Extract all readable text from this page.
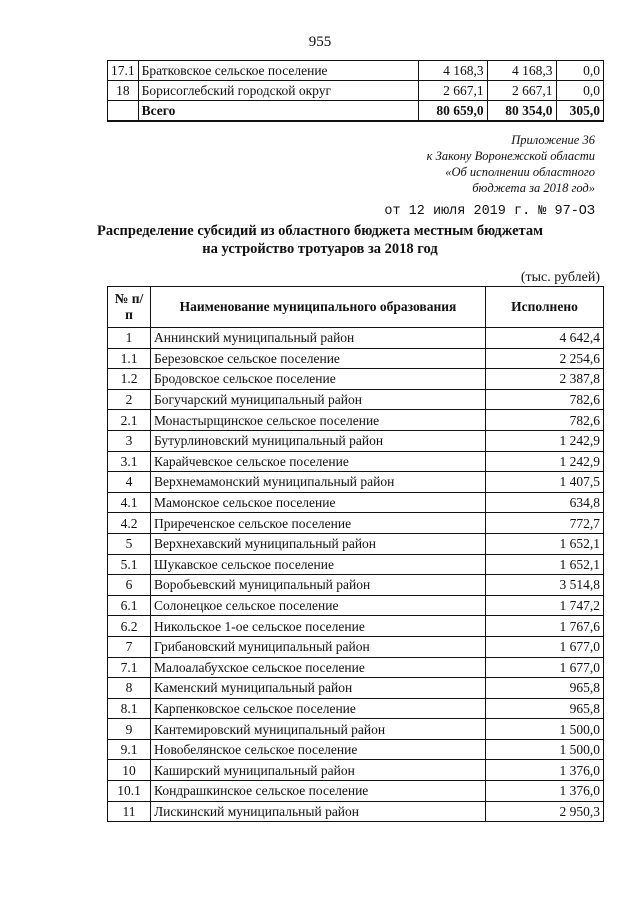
955
17.1	Братковское сельское поселение	4 168,3	4 168,3	0,0
18	Борисоглебский городской округ	2 667,1	2 667,1	0,0
	Всего	80 659,0	80 354,0	305,0
Приложение 36
к Закону Воронежской области
«Об исполнении областного
бюджета за 2018 год»
от 12 июля 2019 г. № 97-ОЗ
Распределение субсидий из областного бюджета местным бюджетам
на устройство тротуаров за 2018 год
(тыс. рублей)
№ п/п	Наименование муниципального образования	Исполнено
1	Аннинский муниципальный район	4 642,4
1.1	Березовское сельское поселение	2 254,6
1.2	Бродовское сельское поселение	2 387,8
2	Богучарский муниципальный район	782,6
2.1	Монастырщинское сельское поселение	782,6
3	Бутурлиновский муниципальный район	1 242,9
3.1	Карайчевское сельское поселение	1 242,9
4	Верхнемамонский муниципальный район	1 407,5
4.1	Мамонское сельское поселение	634,8
4.2	Приреченское сельское поселение	772,7
5	Верхнехавский муниципальный район	1 652,1
5.1	Шукавское сельское поселение	1 652,1
6	Воробьевский муниципальный район	3 514,8
6.1	Солонецкое сельское поселение	1 747,2
6.2	Никольское 1-ое сельское поселение	1 767,6
7	Грибановский муниципальный район	1 677,0
7.1	Малоалабухское сельское поселение	1 677,0
8	Каменский муниципальный район	965,8
8.1	Карпенковское сельское поселение	965,8
9	Кантемировский муниципальный район	1 500,0
9.1	Новобелянское сельское поселение	1 500,0
10	Каширский муниципальный район	1 376,0
10.1	Кондрашкинское сельское поселение	1 376,0
11	Лискинский муниципальный район	2 950,3
